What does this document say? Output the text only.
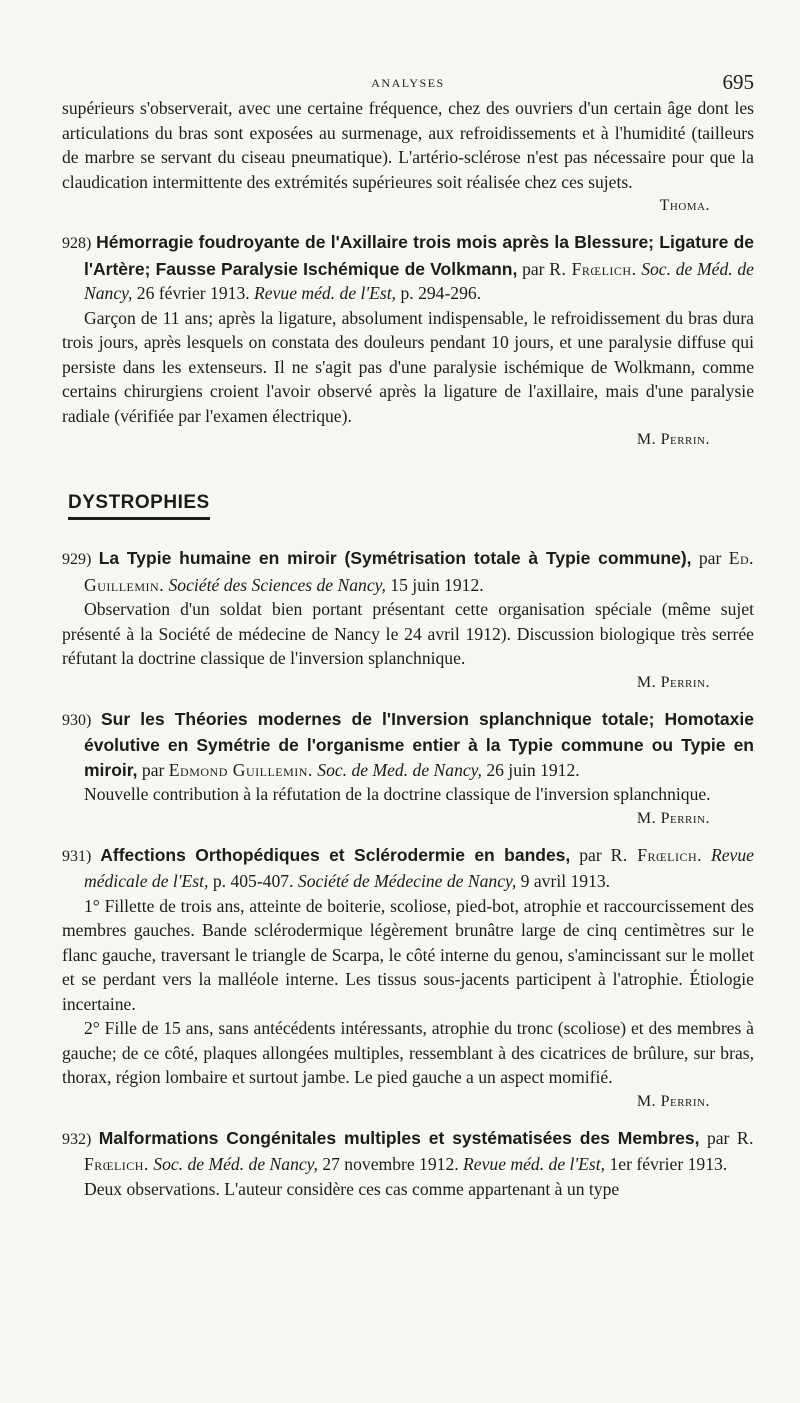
ANALYSES	695

supérieurs s'observerait, avec une certaine fréquence, chez des ouvriers d'un certain âge dont les articulations du bras sont exposées au surmenage, aux refroidissements et à l'humidité (tailleurs de marbre se servant du ciseau pneumatique). L'artério-sclérose n'est pas nécessaire pour que la claudication intermittente des extrémités supérieures soit réalisée chez ces sujets.

Thoma.

928) Hémorragie foudroyante de l'Axillaire trois mois après la Blessure; Ligature de l'Artère; Fausse Paralysie Ischémique de Volkmann, par R. Frœlich. Soc. de Méd. de Nancy, 26 février 1913. Revue méd. de l'Est, p. 294-296.

Garçon de 11 ans; après la ligature, absolument indispensable, le refroidissement du bras dura trois jours, après lesquels on constata des douleurs pendant 10 jours, et une paralysie diffuse qui persiste dans les extenseurs. Il ne s'agit pas d'une paralysie ischémique de Wolkmann, comme certains chirurgiens croient l'avoir observé après la ligature de l'axillaire, mais d'une paralysie radiale (vérifiée par l'examen électrique).

M. Perrin.

DYSTROPHIES
929) La Typie humaine en miroir (Symétrisation totale à Typie commune), par Ed. Guillemin. Société des Sciences de Nancy, 15 juin 1912.

Observation d'un soldat bien portant présentant cette organisation spéciale (même sujet présenté à la Société de médecine de Nancy le 24 avril 1912). Discussion biologique très serrée réfutant la doctrine classique de l'inversion splanchnique.

M. Perrin.

930) Sur les Théories modernes de l'Inversion splanchnique totale; Homotaxie évolutive en Symétrie de l'organisme entier à la Typie commune ou Typie en miroir, par Edmond Guillemin. Soc. de Med. de Nancy, 26 juin 1912.

Nouvelle contribution à la réfutation de la doctrine classique de l'inversion splanchnique.

M. Perrin.

931) Affections Orthopédiques et Sclérodermie en bandes, par R. Frœlich. Revue médicale de l'Est, p. 405-407. Société de Médecine de Nancy, 9 avril 1913.

1° Fillette de trois ans, atteinte de boiterie, scoliose, pied-bot, atrophie et raccourcissement des membres gauches. Bande sclérodermique légèrement brunâtre large de cinq centimètres sur le flanc gauche, traversant le triangle de Scarpa, le côté interne du genou, s'amincissant sur le mollet et se perdant vers la malléole interne. Les tissus sous-jacents participent à l'atrophie. Étiologie incertaine.

2° Fille de 15 ans, sans antécédents intéressants, atrophie du tronc (scoliose) et des membres à gauche; de ce côté, plaques allongées multiples, ressemblant à des cicatrices de brûlure, sur bras, thorax, région lombaire et surtout jambe. Le pied gauche a un aspect momifié.

M. Perrin.

932) Malformations Congénitales multiples et systématisées des Membres, par R. Frœlich. Soc. de Méd. de Nancy, 27 novembre 1912. Revue méd. de l'Est, 1er février 1913.

Deux observations. L'auteur considère ces cas comme appartenant à un type
